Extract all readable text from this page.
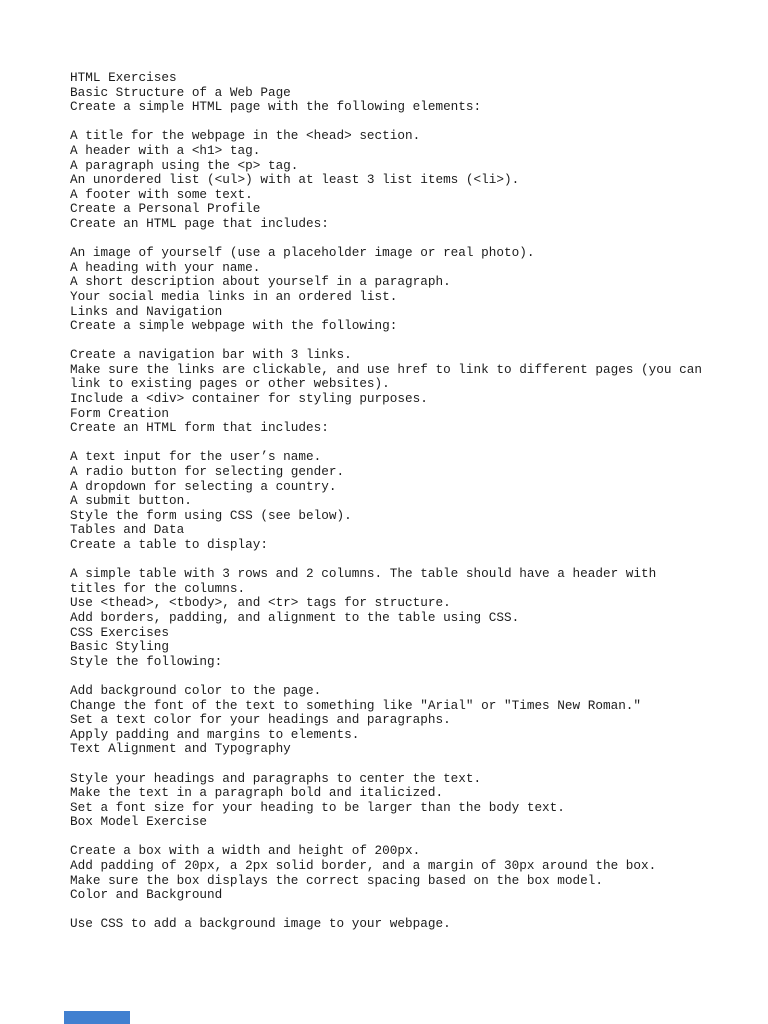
HTML Exercises
Basic Structure of a Web Page
Create a simple HTML page with the following elements:
A title for the webpage in the <head> section.
A header with a <h1> tag.
A paragraph using the <p> tag.
An unordered list (<ul>) with at least 3 list items (<li>).
A footer with some text.
Create a Personal Profile
Create an HTML page that includes:
An image of yourself (use a placeholder image or real photo).
A heading with your name.
A short description about yourself in a paragraph.
Your social media links in an ordered list.
Links and Navigation
Create a simple webpage with the following:
Create a navigation bar with 3 links.
Make sure the links are clickable, and use href to link to different pages (you can
link to existing pages or other websites).
Include a <div> container for styling purposes.
Form Creation
Create an HTML form that includes:
A text input for the user’s name.
A radio button for selecting gender.
A dropdown for selecting a country.
A submit button.
Style the form using CSS (see below).
Tables and Data
Create a table to display:
A simple table with 3 rows and 2 columns. The table should have a header with
titles for the columns.
Use <thead>, <tbody>, and <tr> tags for structure.
Add borders, padding, and alignment to the table using CSS.
CSS Exercises
Basic Styling
Style the following:
Add background color to the page.
Change the font of the text to something like "Arial" or "Times New Roman."
Set a text color for your headings and paragraphs.
Apply padding and margins to elements.
Text Alignment and Typography
Style your headings and paragraphs to center the text.
Make the text in a paragraph bold and italicized.
Set a font size for your heading to be larger than the body text.
Box Model Exercise
Create a box with a width and height of 200px.
Add padding of 20px, a 2px solid border, and a margin of 30px around the box.
Make sure the box displays the correct spacing based on the box model.
Color and Background
Use CSS to add a background image to your webpage.
